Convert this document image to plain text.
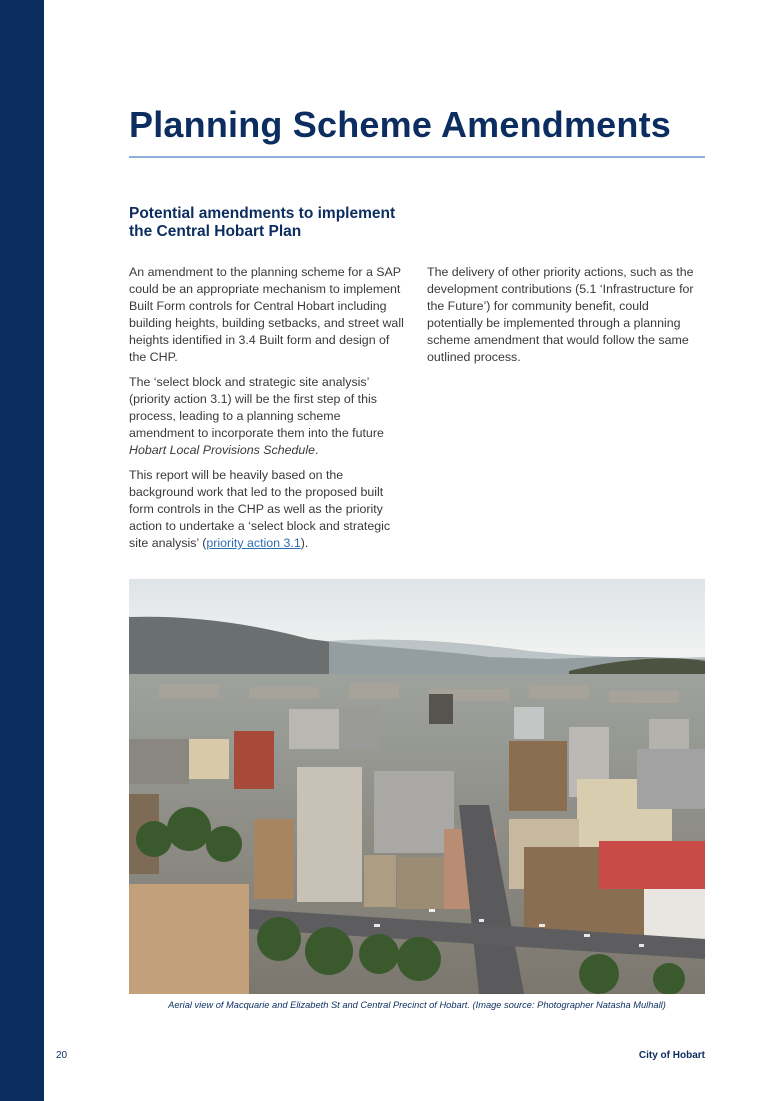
Planning Scheme Amendments
Potential amendments to implement the Central Hobart Plan

An amendment to the planning scheme for a SAP could be an appropriate mechanism to implement Built Form controls for Central Hobart including building heights, building setbacks, and street wall heights identified in 3.4 Built form and design of the CHP.

The ‘select block and strategic site analysis’ (priority action 3.1) will be the first step of this process, leading to a planning scheme amendment to incorporate them into the future Hobart Local Provisions Schedule.

This report will be heavily based on the background work that led to the proposed built form controls in the CHP as well as the priority action to undertake a ‘select block and strategic site analysis’ (priority action 3.1).

The delivery of other priority actions, such as the development contributions (5.1 ‘Infrastructure for the Future’) for community benefit, could potentially be implemented through a planning scheme amendment that would follow the same outlined process.

Aerial view of Macquarie and Elizabeth St and Central Precinct of Hobart. (Image source: Photographer Natasha Mulhall)

20	City of Hobart
